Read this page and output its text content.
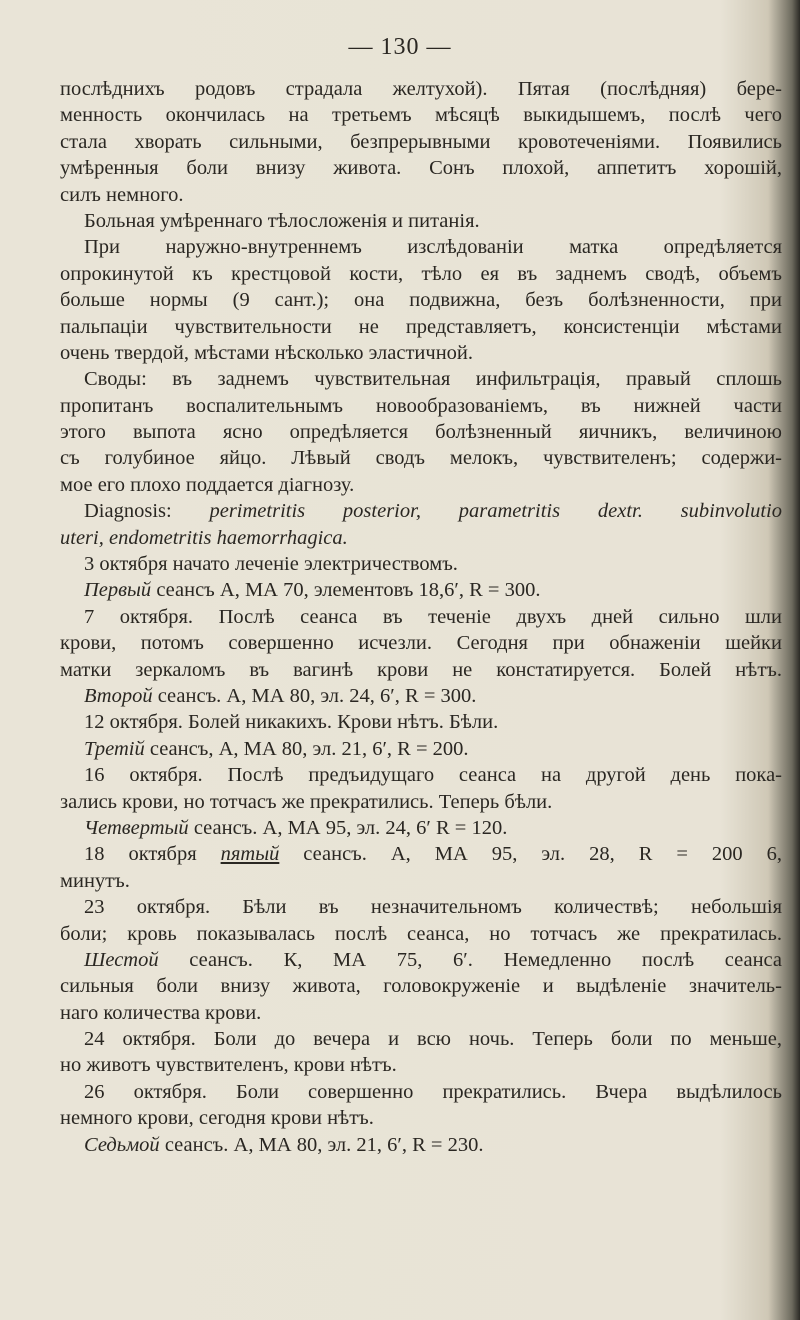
— 130 —
послѣднихъ родовъ страдала желтухой). Пятая (послѣдняя) бере-
менность окончилась на третьемъ мѣсяцѣ выкидышемъ, послѣ чего
стала хворать сильными, безпрерывными кровотеченіями. Появились
умѣренныя боли внизу живота. Сонъ плохой, аппетитъ хорошій,
силъ немного.
Больная умѣреннаго тѣлосложенія и питанія.
При наружно-внутреннемъ изслѣдованіи матка опредѣляется
опрокинутой къ крестцовой кости, тѣло ея въ заднемъ сводѣ, объемъ
больше нормы (9 сант.); она подвижна, безъ болѣзненности, при
пальпаціи чувствительности не представляетъ, консистенціи мѣстами
очень твердой, мѣстами нѣсколько эластичной.
Своды: въ заднемъ чувствительная инфильтрація, правый сплошь
пропитанъ воспалительнымъ новообразованіемъ, въ нижней части
этого выпота ясно опредѣляется болѣзненный яичникъ, величиною
съ голубиное яйцо. Лѣвый сводъ мелокъ, чувствителенъ; содержи-
мое его плохо поддается діагнозу.
Diagnosis: perimetritis posterior, parametritis dextr. subinvolutio
uteri, endometritis haemorrhagica.
3 октября начато леченіе электричествомъ.
Первый сеансъ А, МА 70, элементовъ 18,6′, R = 300.
7 октября. Послѣ сеанса въ теченіе двухъ дней сильно шли
крови, потомъ совершенно исчезли. Сегодня при обнаженіи шейки
матки зеркаломъ въ вагинѣ крови не констатируется. Болей нѣтъ.
Второй сеансъ. А, МА 80, эл. 24, 6′, R = 300.
12 октября. Болей никакихъ. Крови нѣтъ. Бѣли.
Третій сеансъ, А, МА 80, эл. 21, 6′, R = 200.
16 октября. Послѣ предъидущаго сеанса на другой день пока-
зались крови, но тотчасъ же прекратились. Теперь бѣли.
Четвертый сеансъ. А, МА 95, эл. 24, 6′ R = 120.
18 октября пятый сеансъ. А, МА 95, эл. 28, R = 200 6,
минутъ.
23 октября. Бѣли въ незначительномъ количествѣ; небольшія
боли; кровь показывалась послѣ сеанса, но тотчасъ же прекратилась.
Шестой сеансъ. К, МА 75, 6′. Немедленно послѣ сеанса
сильныя боли внизу живота, головокруженіе и выдѣленіе значитель-
наго количества крови.
24 октября. Боли до вечера и всю ночь. Теперь боли по меньше,
но животъ чувствителенъ, крови нѣтъ.
26 октября. Боли совершенно прекратились. Вчера выдѣлилось
немного крови, сегодня крови нѣтъ.
Седьмой сеансъ. А, МА 80, эл. 21, 6′, R = 230.
